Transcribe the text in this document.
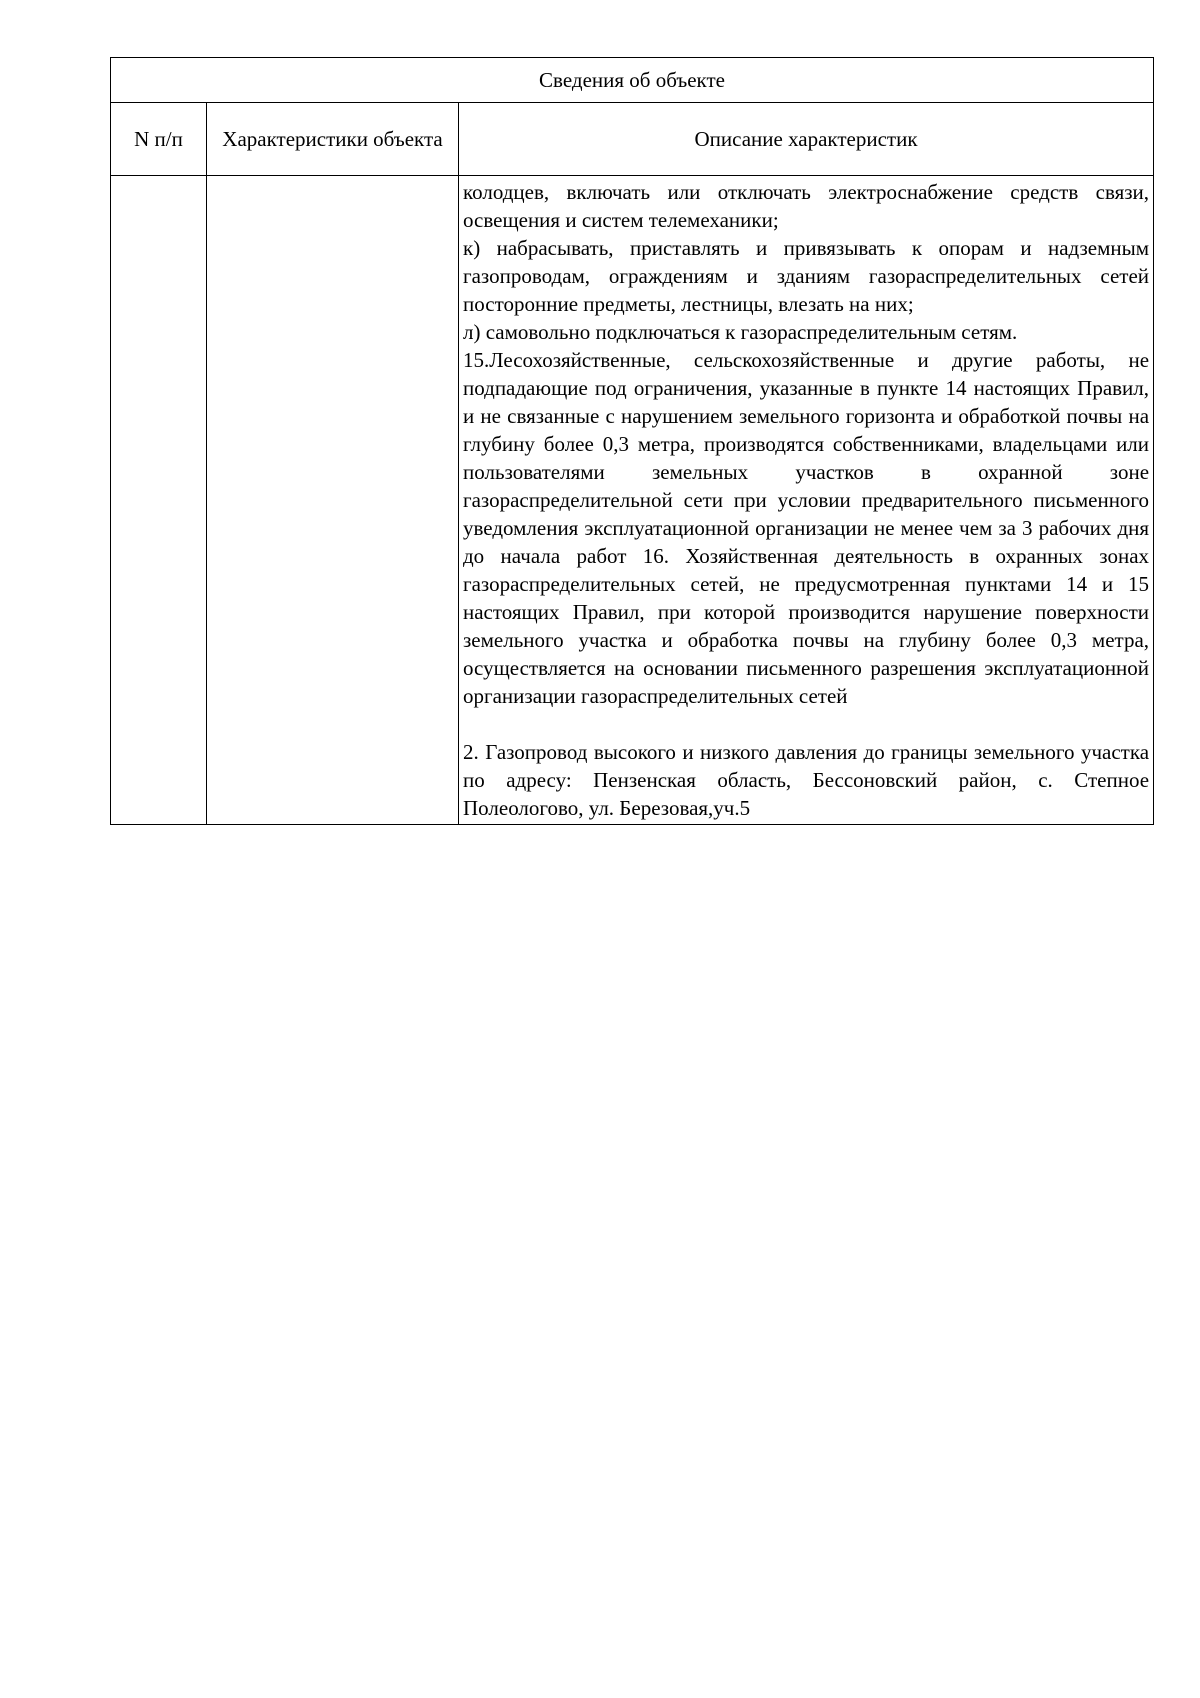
Сведения об объекте		
N п/п	Характеристики объекта	Описание характеристик

		колодцев, включать или отключать электроснабжение средств связи, освещения и систем телемеханики;

к) набрасывать, приставлять и привязывать к опорам и надземным газопроводам, ограждениям и зданиям газораспределительных сетей посторонние предметы, лестницы, влезать на них;

л) самовольно подключаться к газораспределительным сетям.

15.Лесохозяйственные, сельскохозяйственные и другие работы, не подпадающие под ограничения, указанные в пункте 14 настоящих Правил, и не связанные с нарушением земельного горизонта и обработкой почвы на глубину более 0,3 метра, производятся собственниками, владельцами или пользователями земельных участков в охранной зоне газораспределительной сети при условии предварительного письменного уведомления эксплуатационной организации не менее чем за 3 рабочих дня до начала работ 16. Хозяйственная деятельность в охранных зонах газораспределительных сетей, не предусмотренная пунктами 14 и 15 настоящих Правил, при которой производится нарушение поверхности земельного участка и обработка почвы на глубину более 0,3 метра, осуществляется на основании письменного разрешения эксплуатационной организации газораспределительных сетей

2. Газопровод высокого и низкого давления до границы земельного участка по адресу: Пензенская область, Бессоновский район, с. Степное Полеологово, ул. Березовая,уч.5
